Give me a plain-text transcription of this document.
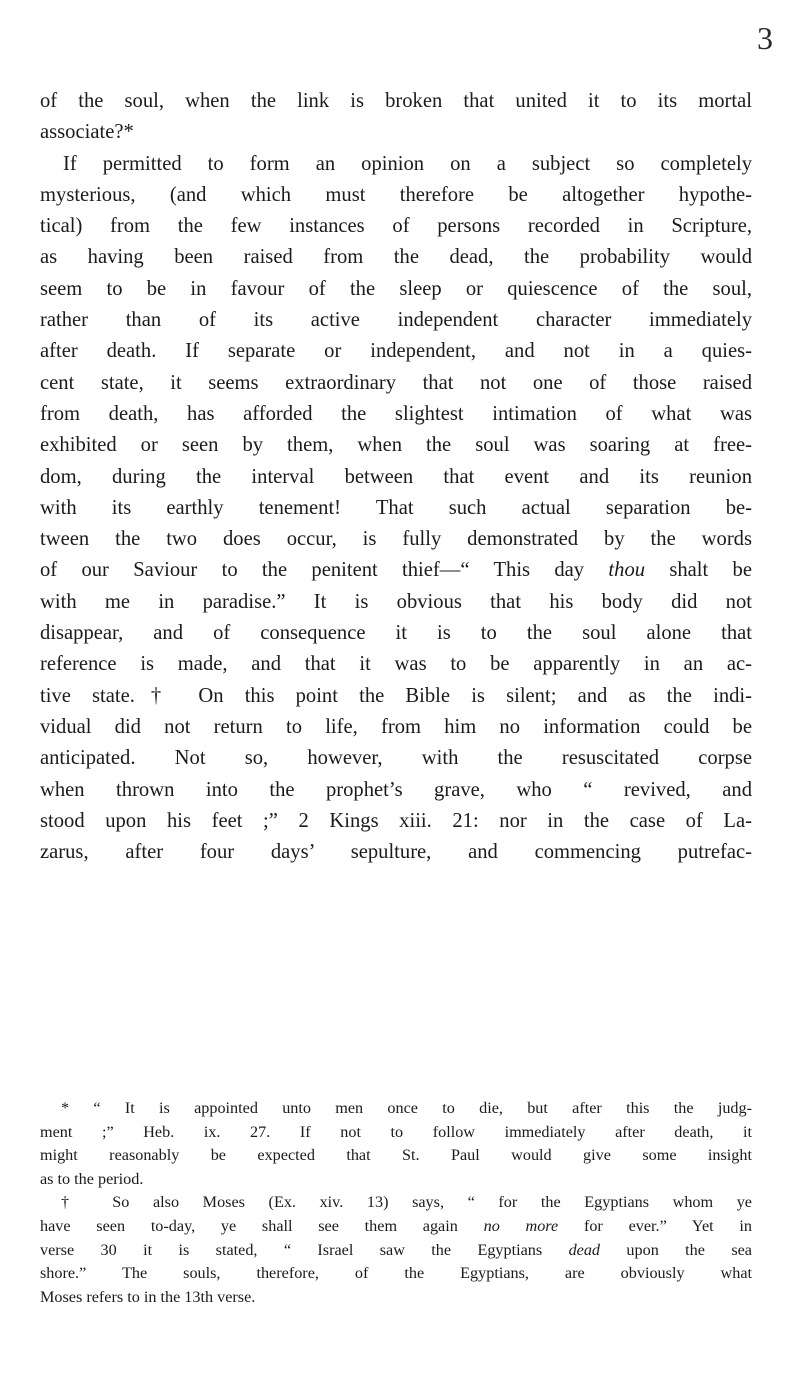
3
of the soul, when the link is broken that united it to its mortal
associate?*
If permitted to form an opinion on a subject so completely
mysterious, (and which must therefore be altogether hypothe-
tical) from the few instances of persons recorded in Scripture,
as having been raised from the dead, the probability would
seem to be in favour of the sleep or quiescence of the soul,
rather than of its active independent character immediately
after death. If separate or independent, and not in a quies-
cent state, it seems extraordinary that not one of those raised
from death, has afforded the slightest intimation of what was
exhibited or seen by them, when the soul was soaring at free-
dom, during the interval between that event and its reunion
with its earthly tenement! That such actual separation be-
tween the two does occur, is fully demonstrated by the words
of our Saviour to the penitent thief—“ This day thou shalt be
with me in paradise.” It is obvious that his body did not
disappear, and of consequence it is to the soul alone that
reference is made, and that it was to be apparently in an ac-
tive state.† On this point the Bible is silent; and as the indi-
vidual did not return to life, from him no information could be
anticipated. Not so, however, with the resuscitated corpse
when thrown into the prophet’s grave, who “ revived, and
stood upon his feet ;” 2 Kings xiii. 21: nor in the case of La-
zarus, after four days’ sepulture, and commencing putrefac-
* “ It is appointed unto men once to die, but after this the judg-
ment ;” Heb. ix. 27. If not to follow immediately after death, it
might reasonably be expected that St. Paul would give some insight
as to the period.
† So also Moses (Ex. xiv. 13) says, “ for the Egyptians whom ye
have seen to-day, ye shall see them again no more for ever.” Yet in
verse 30 it is stated, “ Israel saw the Egyptians dead upon the sea
shore.” The souls, therefore, of the Egyptians, are obviously what
Moses refers to in the 13th verse.
